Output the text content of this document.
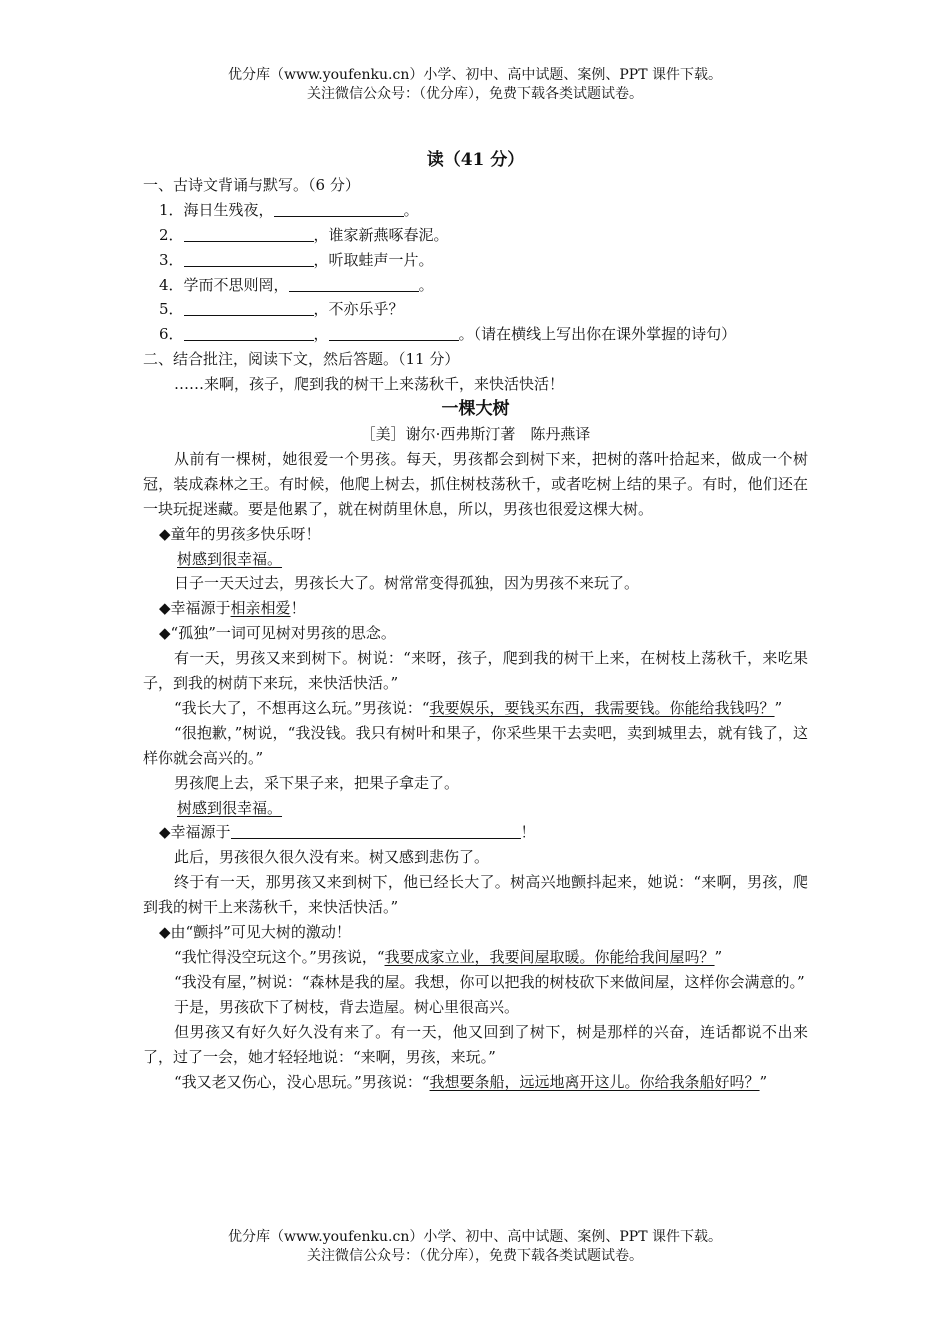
优分库（www.youfenku.cn）小学、初中、高中试题、案例、PPT 课件下载。
关注微信公众号：（优分库），免费下载各类试题试卷。
读（41 分）
一、古诗文背诵与默写。（6 分）
1．海日生残夜，	。
2．	，谁家新燕啄春泥。
3．	，听取蛙声一片。
4．学而不思则罔，	。
5．	，不亦乐乎？
6．	，	。（请在横线上写出你在课外掌握的诗句）
二、结合批注，阅读下文，然后答题。（11 分）
……来啊，孩子，爬到我的树干上来荡秋千，来快活快活！
一棵大树
［美］谢尔·西弗斯汀著　陈丹燕译
从前有一棵树，她很爱一个男孩。每天，男孩都会到树下来，把树的落叶拾起来，做成一个树冠，装成森林之王。有时候，他爬上树去，抓住树枝荡秋千，或者吃树上结的果子。有时，他们还在一块玩捉迷藏。要是他累了，就在树荫里休息，所以，男孩也很爱这棵大树。
◆童年的男孩多快乐呀！
树感到很幸福。
日子一天天过去，男孩长大了。树常常变得孤独，因为男孩不来玩了。
◆幸福源于相亲相爱！
◆“孤独”一词可见树对男孩的思念。
有一天，男孩又来到树下。树说：“来呀，孩子，爬到我的树干上来，在树枝上荡秋千，来吃果子，到我的树荫下来玩，来快活快活。”
“我长大了，不想再这么玩。”男孩说：“我要娱乐，要钱买东西，我需要钱。你能给我钱吗？”
“很抱歉，”树说，“我没钱。我只有树叶和果子，你采些果干去卖吧，卖到城里去，就有钱了，这样你就会高兴的。”
男孩爬上去，采下果子来，把果子拿走了。
树感到很幸福。
◆幸福源于	！
此后，男孩很久很久没有来。树又感到悲伤了。
终于有一天，那男孩又来到树下，他已经长大了。树高兴地颤抖起来，她说：“来啊，男孩，爬到我的树干上来荡秋千，来快活快活。”
◆由“颤抖”可见大树的激动！
“我忙得没空玩这个。”男孩说，“我要成家立业，我要间屋取暖。你能给我间屋吗？”
“我没有屋，”树说：“森林是我的屋。我想，你可以把我的树枝砍下来做间屋，这样你会满意的。”
于是，男孩砍下了树枝，背去造屋。树心里很高兴。
但男孩又有好久好久没有来了。有一天，他又回到了树下，树是那样的兴奋，连话都说不出来了，过了一会，她才轻轻地说：“来啊，男孩，来玩。”
“我又老又伤心，没心思玩。”男孩说：“我想要条船，远远地离开这儿。你给我条船好吗？”
优分库（www.youfenku.cn）小学、初中、高中试题、案例、PPT 课件下载。
关注微信公众号：（优分库），免费下载各类试题试卷。
